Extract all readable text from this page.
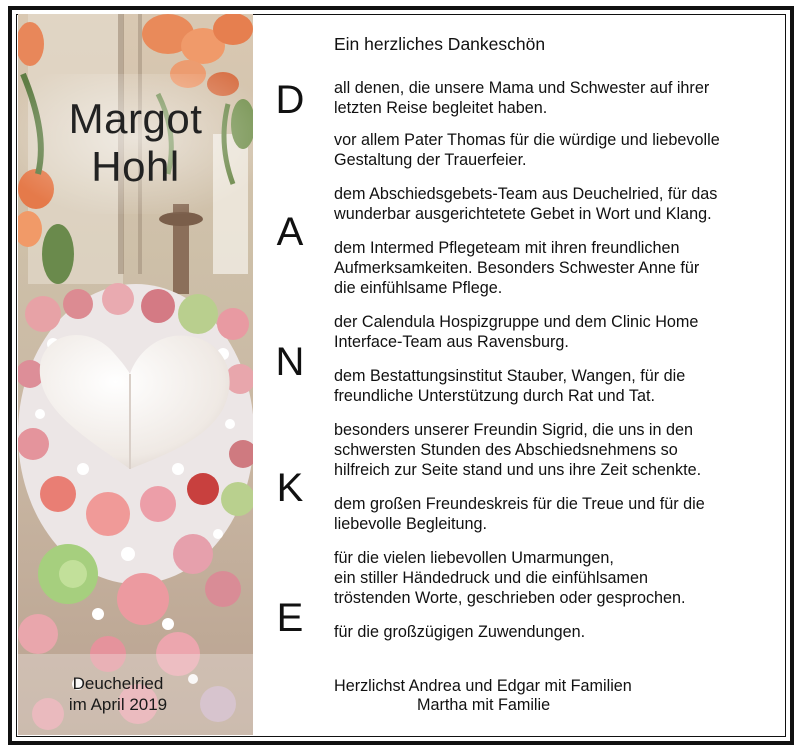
Margot
Hohl
Deuchelried
im April 2019
D
A
N
K
E
Ein herzliches Dankeschön
all denen, die unsere Mama und Schwester auf ihrer
letzten Reise begleitet haben.
vor allem Pater Thomas für die würdige und liebevolle
Gestaltung der Trauerfeier.
dem Abschiedsgebets-Team aus Deuchelried, für das
wunderbar ausgerichtetete Gebet in Wort und Klang.
dem Intermed Pflegeteam mit ihren freundlichen
Aufmerksamkeiten. Besonders Schwester Anne für
die einfühlsame Pflege.
der Calendula Hospizgruppe und dem Clinic Home
Interface-Team aus Ravensburg.
dem Bestattungsinstitut Stauber, Wangen, für die
freundliche Unterstützung durch Rat und Tat.
besonders unserer Freundin Sigrid, die uns in den
schwersten Stunden des Abschiedsnehmens so
hilfreich zur Seite stand und uns ihre Zeit schenkte.
dem großen Freundeskreis für die Treue und für die
liebevolle Begleitung.
für die vielen liebevollen Umarmungen,
ein stiller Händedruck und die einfühlsamen
tröstenden Worte, geschrieben oder gesprochen.
für die großzügigen Zuwendungen.
Herzlichst Andrea und Edgar mit Familien
Martha mit Familie
